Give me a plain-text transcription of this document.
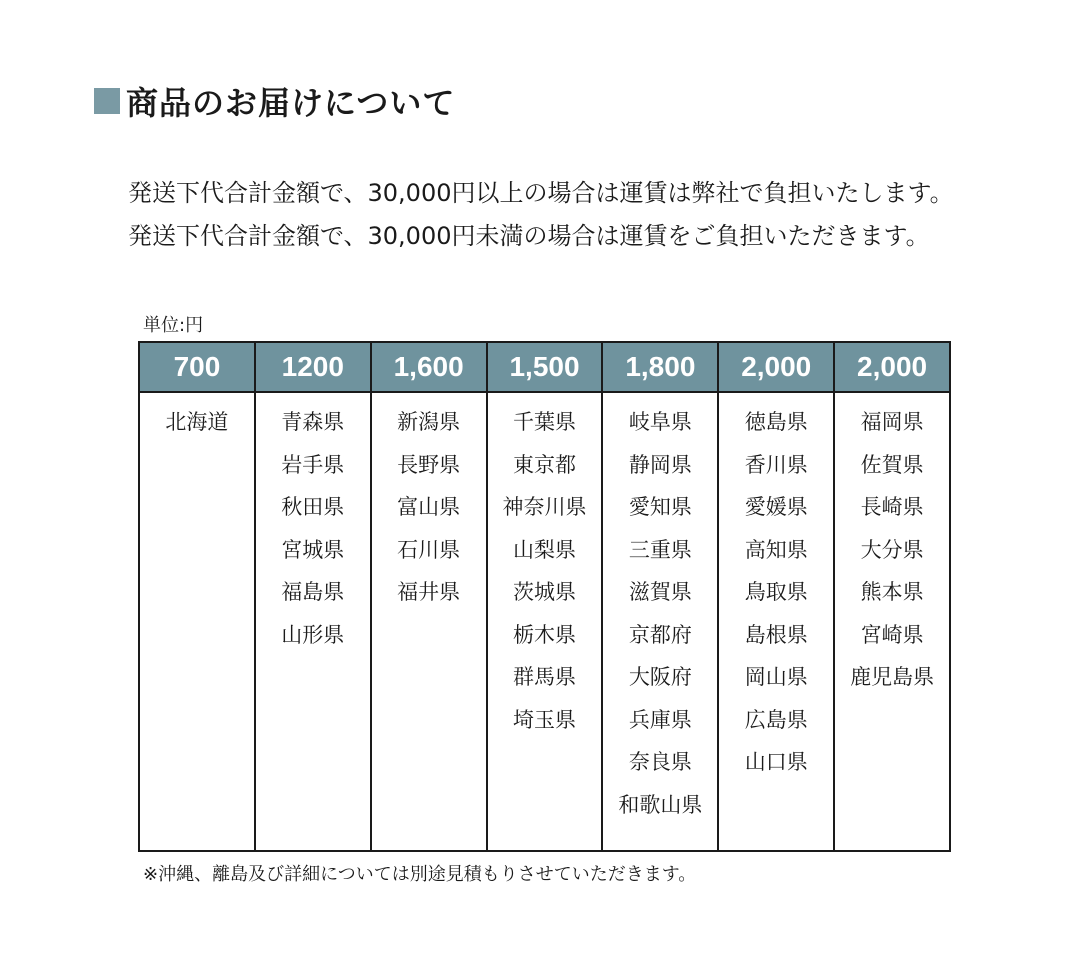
商品のお届けについて

発送下代合計金額で、30,000円以上の場合は運賃は弊社で負担いたします。

発送下代合計金額で、30,000円未満の場合は運賃をご負担いただきます。

単位:円
700
北海道
1200
青森県
岩手県
秋田県
宮城県
福島県
山形県
1,600
新潟県
長野県
富山県
石川県
福井県
1,500
千葉県
東京都
神奈川県
山梨県
茨城県
栃木県
群馬県
埼玉県
1,800
岐阜県
静岡県
愛知県
三重県
滋賀県
京都府
大阪府
兵庫県
奈良県
和歌山県
2,000
徳島県
香川県
愛媛県
高知県
鳥取県
島根県
岡山県
広島県
山口県
2,000
福岡県
佐賀県
長崎県
大分県
熊本県
宮崎県
鹿児島県
※沖縄、離島及び詳細については別途見積もりさせていただきます。
